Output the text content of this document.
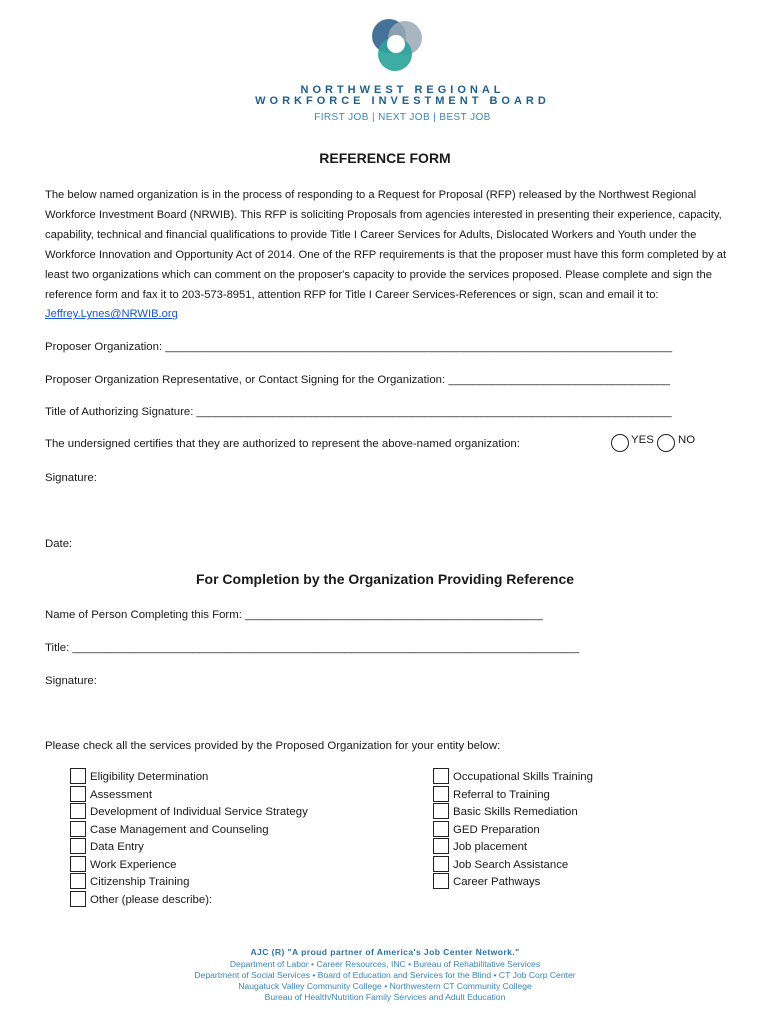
NORTHWEST REGIONAL
WORKFORCE INVESTMENT BOARD
FIRST JOB | NEXT JOB | BEST JOB
REFERENCE FORM
The below named organization is in the process of responding to a Request for Proposal (RFP) released by the Northwest Regional Workforce Investment Board (NRWIB). This RFP is soliciting Proposals from agencies interested in presenting their experience, capacity, capability, technical and financial qualifications to provide Title I Career Services for Adults, Dislocated Workers and Youth under the Workforce Innovation and Opportunity Act of 2014. One of the RFP requirements is that the proposer must have this form completed by at least two organizations which can comment on the proposer's capacity to provide the services proposed. Please complete and sign the reference form and fax it to 203-573-8951, attention RFP for Title I Career Services-References or sign, scan and email it to: Jeffrey.Lynes@NRWIB.org
Proposer Organization: ________________________________________________________________________________
Proposer Organization Representative, or Contact Signing for the Organization: ___________________________________
Title of Authorizing Signature: ___________________________________________________________________________
The undersigned certifies that they are authorized to represent the above-named organization:	YES NO
Signature:
Date:
For Completion by the Organization Providing Reference
Name of Person Completing this Form: _______________________________________________
Title: ________________________________________________________________________________
Signature:
Please check all the services provided by the Proposed Organization for your entity below:
Eligibility Determination
Assessment
Development of Individual Service Strategy
Case Management and Counseling
Data Entry
Work Experience
Citizenship Training
Other (please describe):
Occupational Skills Training
Referral to Training
Basic Skills Remediation
GED Preparation
Job placement
Job Search Assistance
Career Pathways
AJC (R) "A proud partner of America's Job Center Network."
Department of Labor • Career Resources, INC • Bureau of Rehabilitative Services
Department of Social Services • Board of Education and Services for the Blind • CT Job Corp Center
Naugatuck Valley Community College • Northwestern CT Community College
Bureau of Health/Nutrition Family Services and Adult Education
